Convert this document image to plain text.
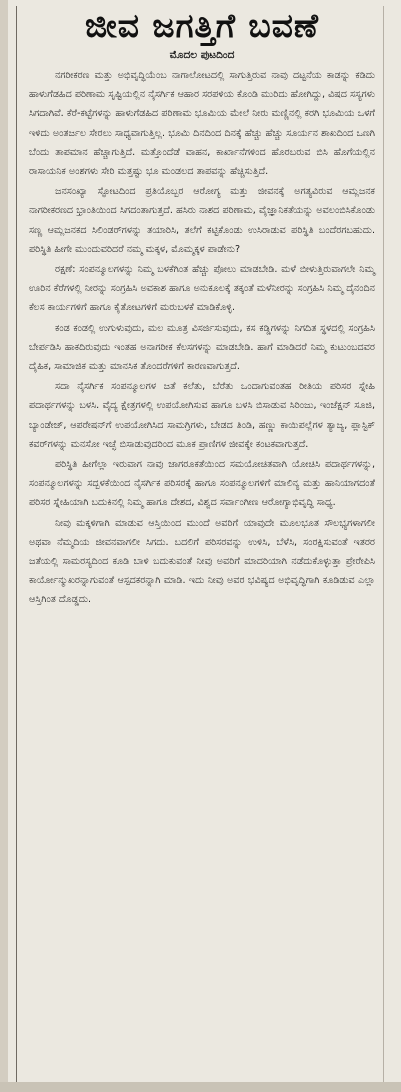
ಜೀವ ಜಗತ್ತಿಗೆ ಬವಣೆ
ಮೊದಲ ಪುಟದಿಂದ

ನಗರೀಕರಣ ಮತ್ತು ಅಭಿವೃದ್ಧಿಯೆಂಬ ನಾಗಾಲೋಟದಲ್ಲಿ ಸಾಗುತ್ತಿರುವ ನಾವು ದಟ್ಟನೆಯ ಕಾಡನ್ನು ಕಡಿದು ಹಾಳುಗೆಡಹಿದ ಪರಿಣಾಮ ಸೃಷ್ಟಿಯಲ್ಲಿನ ನೈಸರ್ಗಿಕ ಆಹಾರ ಸರಪಳಿಯ ಕೊಂಡಿ ಮುರಿದು ಹೋಗಿದ್ದು, ವಿಷದ ಸಸ್ಯಗಳು ಸಿಗದಾಗಿವೆ. ಕೆರೆ-ಕಟ್ಟೆಗಳನ್ನು ಹಾಳುಗೆಡಹಿದ ಪರಿಣಾಮ ಭೂಮಿಯ ಮೇಲೆ ನೀರು ಮಣ್ಣಿನಲ್ಲಿ ಕರಗಿ ಭೂಮಿಯ ಒಳಗೆ ಇಳಿದು ಅಂತರ್ಜಲ ಸೇರಲು ಸಾಧ್ಯವಾಗುತ್ತಿಲ್ಲ. ಭೂಮಿ ದಿನದಿಂದ ದಿನಕ್ಕೆ ಹೆಚ್ಚು ಹೆಚ್ಚು ಸೂರ್ಯನ ಶಾಖದಿಂದ ಒಣಗಿ ಬೆಂದು ತಾಪಮಾನ ಹೆಚ್ಚಾಗುತ್ತಿದೆ. ಮತ್ತೊಂದೆಡೆ ವಾಹನ, ಕಾರ್ಖಾನೆಗಳಿಂದ ಹೊರಬರುವ ಬಿಸಿ ಹೊಗೆಯಲ್ಲಿನ ರಾಸಾಯನಿಕ ಅಂಶಗಳು ಸೇರಿ ಮತ್ತಷ್ಟು ಭೂ ಮಂಡಲದ ತಾಪವನ್ನು ಹೆಚ್ಚಿಸುತ್ತಿದೆ.

ಜನಸಂಖ್ಯಾ ಸ್ಫೋಟದಿಂದ ಪ್ರತಿಯೊಬ್ಬರ ಆರೋಗ್ಯ ಮತ್ತು ಜೀವನಕ್ಕೆ ಅಗತ್ಯವಿರುವ ಆಮ್ಲಜನಕ ನಾಗರೀಕರಣದ ಭ್ರಾಂತಿಯಿಂದ ಸಿಗದಂತಾಗುತ್ತದೆ. ಹಸಿರು ನಾಶದ ಪರಿಣಾಮ, ವೈಜ್ಞಾನಿಕತೆಯನ್ನು ಅವಲಂಬಿಸಿಕೊಂಡು ಸಣ್ಣ ಆಮ್ಲಜನಕದ ಸಿಲಿಂಡರ್‌ಗಳನ್ನು ತಯಾರಿಸಿ, ತಲೆಗೆ ಕಟ್ಟಿಕೊಂಡು ಉಸಿರಾಡುವ ಪರಿಸ್ಥಿತಿ ಬಂದೆರಗಬಹುದು. ಪರಿಸ್ಥಿತಿ ಹೀಗೇ ಮುಂದುವರಿದರೆ ನಮ್ಮ ಮಕ್ಕಳ, ಮೊಮ್ಮಕ್ಕಳ ಪಾಡೇನು?

ರಕ್ಷಣೆ: ಸಂಪನ್ಮೂಲಗಳನ್ನು ನಿಮ್ಮ ಬಳಕೆಗಿಂತ ಹೆಚ್ಚು ಪೋಲು ಮಾಡಬೇಡಿ. ಮಳೆ ಬೀಳುತ್ತಿರುವಾಗಲೇ ನಿಮ್ಮ ಊರಿನ ಕೆರೆಗಳಲ್ಲಿ ನೀರನ್ನು ಸಂಗ್ರಹಿಸಿ ಅವಕಾಶ ಹಾಗೂ ಅನುಕೂಲಕ್ಕೆ ತಕ್ಕಂತೆ ಮಳೆನೀರನ್ನು ಸಂಗ್ರಹಿಸಿ ನಿಮ್ಮ ದೈನಂದಿನ ಕೆಲಸ ಕಾರ್ಯಗಳಿಗೆ ಹಾಗೂ ಕೈತೋಟಗಳಿಗೆ ಮರುಬಳಕೆ ಮಾಡಿಕೊಳ್ಳಿ.

ಕಂಡ ಕಂಡಲ್ಲಿ ಉಗುಳುವುದು, ಮಲ ಮೂತ್ರ ವಿಸರ್ಜಿಸುವುದು, ಕಸ ಕಡ್ಡಿಗಳನ್ನು ನಿಗದಿತ ಸ್ಥಳದಲ್ಲಿ ಸಂಗ್ರಹಿಸಿ ಬೇರ್ಪಡಿಸಿ ಹಾಕದಿರುವುದು ಇಂತಹ ಅನಾಗರೀಕ ಕೆಲಸಗಳನ್ನು ಮಾಡಬೇಡಿ. ಹಾಗೆ ಮಾಡಿದರೆ ನಿಮ್ಮ ಕುಟುಂಬದವರ ದೈಹಿಕ, ಸಾಮಾಜಿಕ ಮತ್ತು ಮಾನಸಿಕ ತೊಂದರೆಗಳಿಗೆ ಕಾರಣವಾಗುತ್ತದೆ.

ಸದಾ ನೈಸರ್ಗಿಕ ಸಂಪನ್ಮೂಲಗಳ ಜತೆ ಕಲೆತು, ಬೆರೆತು ಒಂದಾಗುವಂತಹ ರೀತಿಯ ಪರಿಸರ ಸ್ನೇಹಿ ಪದಾರ್ಥಗಳನ್ನು ಬಳಸಿ. ವೈದ್ಯ ಕ್ಷೇತ್ರಗಳಲ್ಲಿ ಉಪಯೋಗಿಸುವ ಹಾಗೂ ಬಳಸಿ ಬಿಸಾಡುವ ಸಿರಿಂಜು, ಇಂಜೆಕ್ಷನ್ ಸೂಜಿ, ಬ್ಯಾಂಡೇಜ್, ಆಪರೇಷನ್‌ಗೆ ಉಪಯೋಗಿಸಿದ ಸಾಮಗ್ರಿಗಳು, ಬೇಡದ ತಿಂಡಿ, ಹಣ್ಣು ಕಾಯಿಪಲ್ಲೆಗಳ ತ್ಯಾಜ್ಯ, ಪ್ಲಾಸ್ಟಿಕ್ ಕವರ್‌ಗಳನ್ನು ಮನಸೋ ಇಚ್ಛೆ ಬಿಸಾಡುವುದರಿಂದ ಮೂಕ ಪ್ರಾಣಿಗಳ ಜೀವಕ್ಕೇ ಕಂಟಕವಾಗುತ್ತದೆ.

ಪರಿಸ್ಥಿತಿ ಹೀಗೆಲ್ಲಾ ಇರುವಾಗ ನಾವು ಜಾಗರೂಕತೆಯಿಂದ ಸಮಯೋಚಿತವಾಗಿ ಯೋಚಿಸಿ ಪದಾರ್ಥಗಳನ್ನು, ಸಂಪನ್ಮೂಲಗಳನ್ನು ಸದ್ಬಳಕೆಯಿಂದ ನೈಸರ್ಗಿಕ ಪರಿಸರಕ್ಕೆ ಹಾಗೂ ಸಂಪನ್ಮೂಲಗಳಿಗೆ ಮಾಲಿನ್ಯ ಮತ್ತು ಹಾನಿಯಾಗದಂತೆ ಪರಿಸರ ಸ್ನೇಹಿಯಾಗಿ ಬದುಕಿನಲ್ಲಿ ನಿಮ್ಮ ಹಾಗೂ ದೇಶದ, ವಿಶ್ವದ ಸರ್ವಾಂಗೀಣ ಆರೋಗ್ಯಾಭಿವೃದ್ಧಿ ಸಾಧ್ಯ.

ನೀವು ಮಕ್ಕಳಿಗಾಗಿ ಮಾಡುವ ಆಸ್ತಿಯಿಂದ ಮುಂದೆ ಅವರಿಗೆ ಯಾವುದೇ ಮೂಲಭೂತ ಸೌಲಭ್ಯಗಳಾಗಲೀ ಅಥವಾ ನೆಮ್ಮದಿಯ ಜೀವನವಾಗಲೀ ಸಿಗದು. ಬದಲಿಗೆ ಪರಿಸರವನ್ನು ಉಳಿಸಿ, ಬೆಳೆಸಿ, ಸಂರಕ್ಷಿಸುವಂತೆ ಇತರರ ಜತೆಯಲ್ಲಿ ಸಾಮರಸ್ಯದಿಂದ ಕೂಡಿ ಬಾಳಿ ಬದುಕುವಂತೆ ನೀವು ಅವರಿಗೆ ಮಾದರಿಯಾಗಿ ನಡೆದುಕೊಳ್ಳುತ್ತಾ ಪ್ರೇರೇಪಿಸಿ ಕಾರ್ಯೋನ್ಮುಖರನ್ನಾಗುವಂತೆ ಆಸ್ಪದಕರನ್ನಾಗಿ ಮಾಡಿ. ಇದು ನೀವು ಅವರ ಭವಿಷ್ಯದ ಅಭಿವೃದ್ಧಿಗಾಗಿ ಕೂಡಿಡುವ ಎಲ್ಲಾ ಆಸ್ತಿಗಿಂತ ದೊಡ್ಡದು.
